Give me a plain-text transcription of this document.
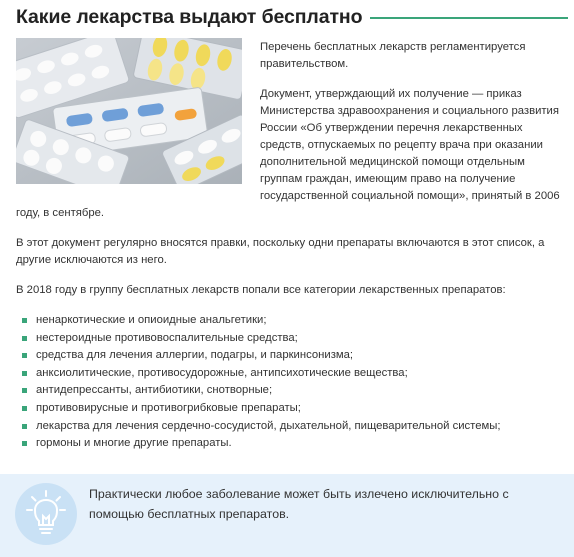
Какие лекарства выдают бесплатно

Перечень бесплатных лекарств регламентируется правительством.

Документ, утверждающий их получение — приказ Министерства здравоохранения и социального развития России «Об утверждении перечня лекарственных средств, отпускаемых по рецепту врача при оказании дополнительной медицинской помощи отдельным группам граждан, имеющим право на получение государственной социальной помощи», принятый в 2006 году, в сентябре.

В этот документ регулярно вносятся правки, поскольку одни препараты включаются в этот список, а другие исключаются из него.

В 2018 году в группу бесплатных лекарств попали все категории лекарственных препаратов:

ненаркотические и опиоидные анальгетики;
нестероидные противовоспалительные средства;
средства для лечения аллергии, подагры, и паркинсонизма;
анксиолитические, противосудорожные, антипсихотические вещества;
антидепрессанты, антибиотики, снотворные;
противовирусные и противогрибковые препараты;
лекарства для лечения сердечно-сосудистой, дыхательной, пищеварительной системы;
гормоны и многие другие препараты.
Практически любое заболевание может быть излечено исключительно с помощью бесплатных препаратов.
